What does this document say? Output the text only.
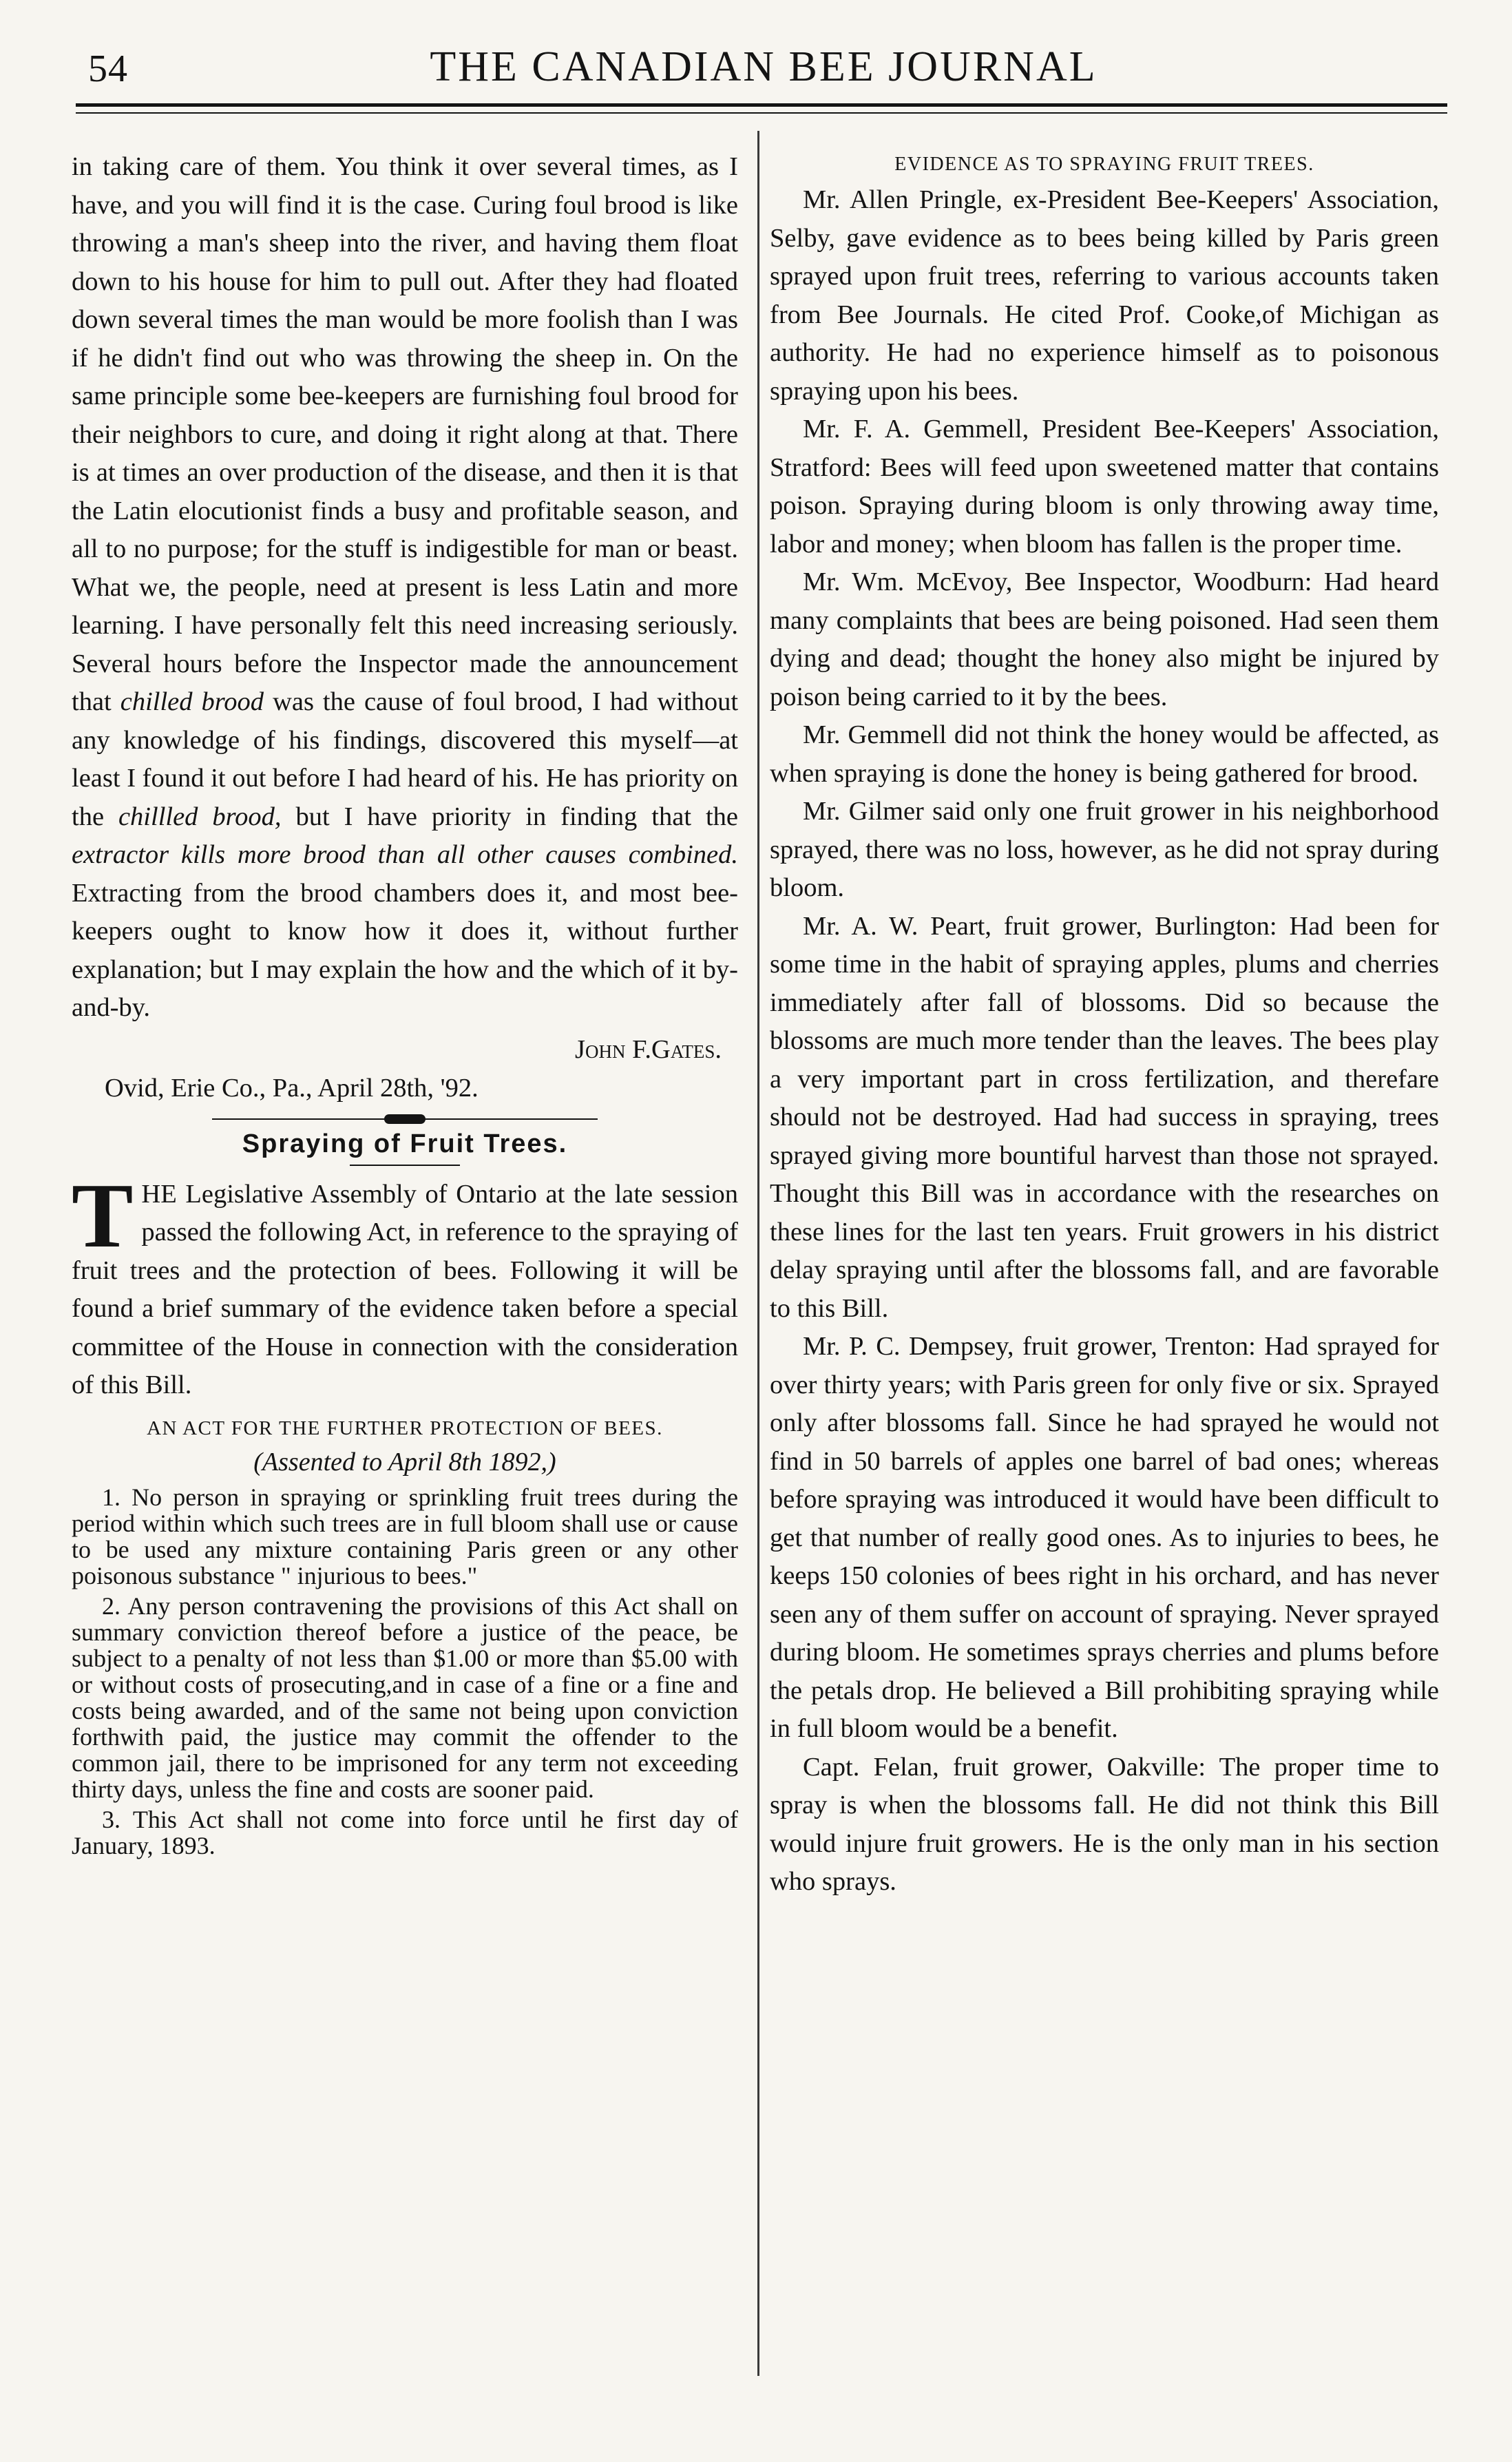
54	THE CANADIAN BEE JOURNAL

in taking care of them. You think it over several times, as I have, and you will find it is the case. Curing foul brood is like throwing a man's sheep into the river, and having them float down to his house for him to pull out. After they had floated down several times the man would be more foolish than I was if he didn't find out who was throwing the sheep in. On the same principle some bee-keepers are furnishing foul brood for their neighbors to cure, and doing it right along at that. There is at times an over production of the disease, and then it is that the Latin elocutionist finds a busy and profitable season, and all to no purpose; for the stuff is indigestible for man or beast. What we, the people, need at present is less Latin and more learning. I have personally felt this need increasing seriously. Several hours before the Inspector made the announcement that chilled brood was the cause of foul brood, I had without any knowledge of his findings, discovered this myself—at least I found it out before I had heard of his. He has priority on the chillled brood, but I have priority in finding that the extractor kills more brood than all other causes combined. Extracting from the brood chambers does it, and most bee-keepers ought to know how it does it, without further explanation; but I may explain the how and the which of it by-and-by.

John F.Gates.

Ovid, Erie Co., Pa., April 28th, '92.

Spraying of Fruit Trees.

THE Legislative Assembly of Ontario at the late session passed the following Act, in reference to the spraying of fruit trees and the protection of bees. Following it will be found a brief summary of the evidence taken before a special committee of the House in connection with the consideration of this Bill.

AN ACT FOR THE FURTHER PROTECTION OF BEES.
(Assented to April 8th 1892,)

1. No person in spraying or sprinkling fruit trees during the period within which such trees are in full bloom shall use or cause to be used any mixture containing Paris green or any other poisonous substance " injurious to bees."

2. Any person contravening the provisions of this Act shall on summary conviction thereof before a justice of the peace, be subject to a penalty of not less than $1.00 or more than $5.00 with or without costs of prosecuting,and in case of a fine or a fine and costs being awarded, and of the same not being upon conviction forthwith paid, the justice may commit the offender to the common jail, there to be imprisoned for any term not exceeding thirty days, unless the fine and costs are sooner paid.

3. This Act shall not come into force until he first day of January, 1893.

EVIDENCE AS TO SPRAYING FRUIT TREES.

Mr. Allen Pringle, ex-President Bee-Keepers' Association, Selby, gave evidence as to bees being killed by Paris green sprayed upon fruit trees, referring to various accounts taken from Bee Journals. He cited Prof. Cooke,of Michigan as authority. He had no experience himself as to poisonous spraying upon his bees.

Mr. F. A. Gemmell, President Bee-Keepers' Association, Stratford: Bees will feed upon sweetened matter that contains poison. Spraying during bloom is only throwing away time, labor and money; when bloom has fallen is the proper time.

Mr. Wm. McEvoy, Bee Inspector, Woodburn: Had heard many complaints that bees are being poisoned. Had seen them dying and dead; thought the honey also might be injured by poison being carried to it by the bees.

Mr. Gemmell did not think the honey would be affected, as when spraying is done the honey is being gathered for brood.

Mr. Gilmer said only one fruit grower in his neighborhood sprayed, there was no loss, however, as he did not spray during bloom.

Mr. A. W. Peart, fruit grower, Burlington: Had been for some time in the habit of spraying apples, plums and cherries immediately after fall of blossoms. Did so because the blossoms are much more tender than the leaves. The bees play a very important part in cross fertilization, and therefare should not be destroyed. Had had success in spraying, trees sprayed giving more bountiful harvest than those not sprayed. Thought this Bill was in accordance with the researches on these lines for the last ten years. Fruit growers in his district delay spraying until after the blossoms fall, and are favorable to this Bill.

Mr. P. C. Dempsey, fruit grower, Trenton: Had sprayed for over thirty years; with Paris green for only five or six. Sprayed only after blossoms fall. Since he had sprayed he would not find in 50 barrels of apples one barrel of bad ones; whereas before spraying was introduced it would have been difficult to get that number of really good ones. As to injuries to bees, he keeps 150 colonies of bees right in his orchard, and has never seen any of them suffer on account of spraying. Never sprayed during bloom. He sometimes sprays cherries and plums before the petals drop. He believed a Bill prohibiting spraying while in full bloom would be a benefit.

Capt. Felan, fruit grower, Oakville: The proper time to spray is when the blossoms fall. He did not think this Bill would injure fruit growers. He is the only man in his section who sprays.
